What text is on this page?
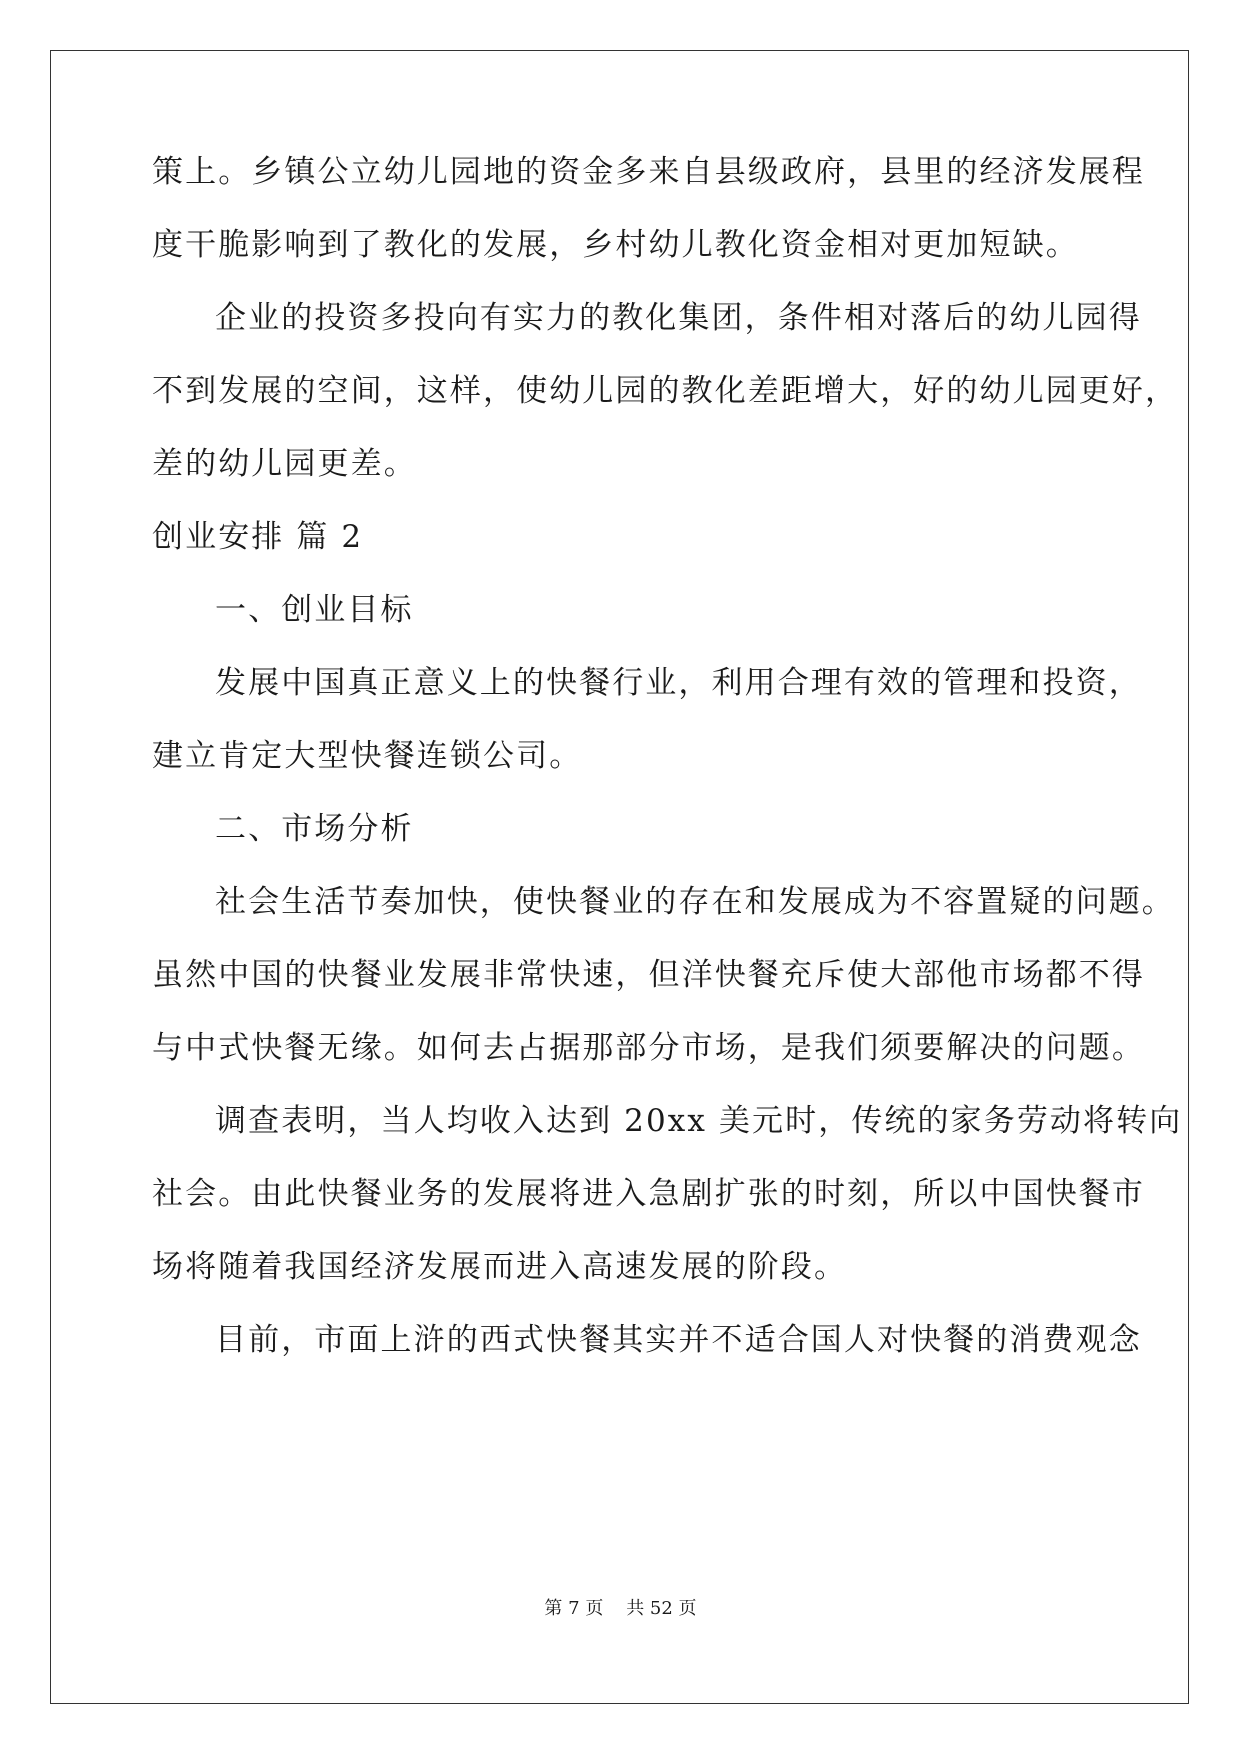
策上。乡镇公立幼儿园地的资金多来自县级政府，县里的经济发展程
度干脆影响到了教化的发展，乡村幼儿教化资金相对更加短缺。
企业的投资多投向有实力的教化集团，条件相对落后的幼儿园得
不到发展的空间，这样，使幼儿园的教化差距增大，好的幼儿园更好，
差的幼儿园更差。
创业安排 篇 2
一、创业目标
发展中国真正意义上的快餐行业，利用合理有效的管理和投资，
建立肯定大型快餐连锁公司。
二、市场分析
社会生活节奏加快，使快餐业的存在和发展成为不容置疑的问题。
虽然中国的快餐业发展非常快速，但洋快餐充斥使大部他市场都不得
与中式快餐无缘。如何去占据那部分市场，是我们须要解决的问题。
调查表明，当人均收入达到 20xx 美元时，传统的家务劳动将转向
社会。由此快餐业务的发展将进入急剧扩张的时刻，所以中国快餐市
场将随着我国经济发展而进入高速发展的阶段。
目前，市面上浒的西式快餐其实并不适合国人对快餐的消费观念
第 7 页    共 52 页
